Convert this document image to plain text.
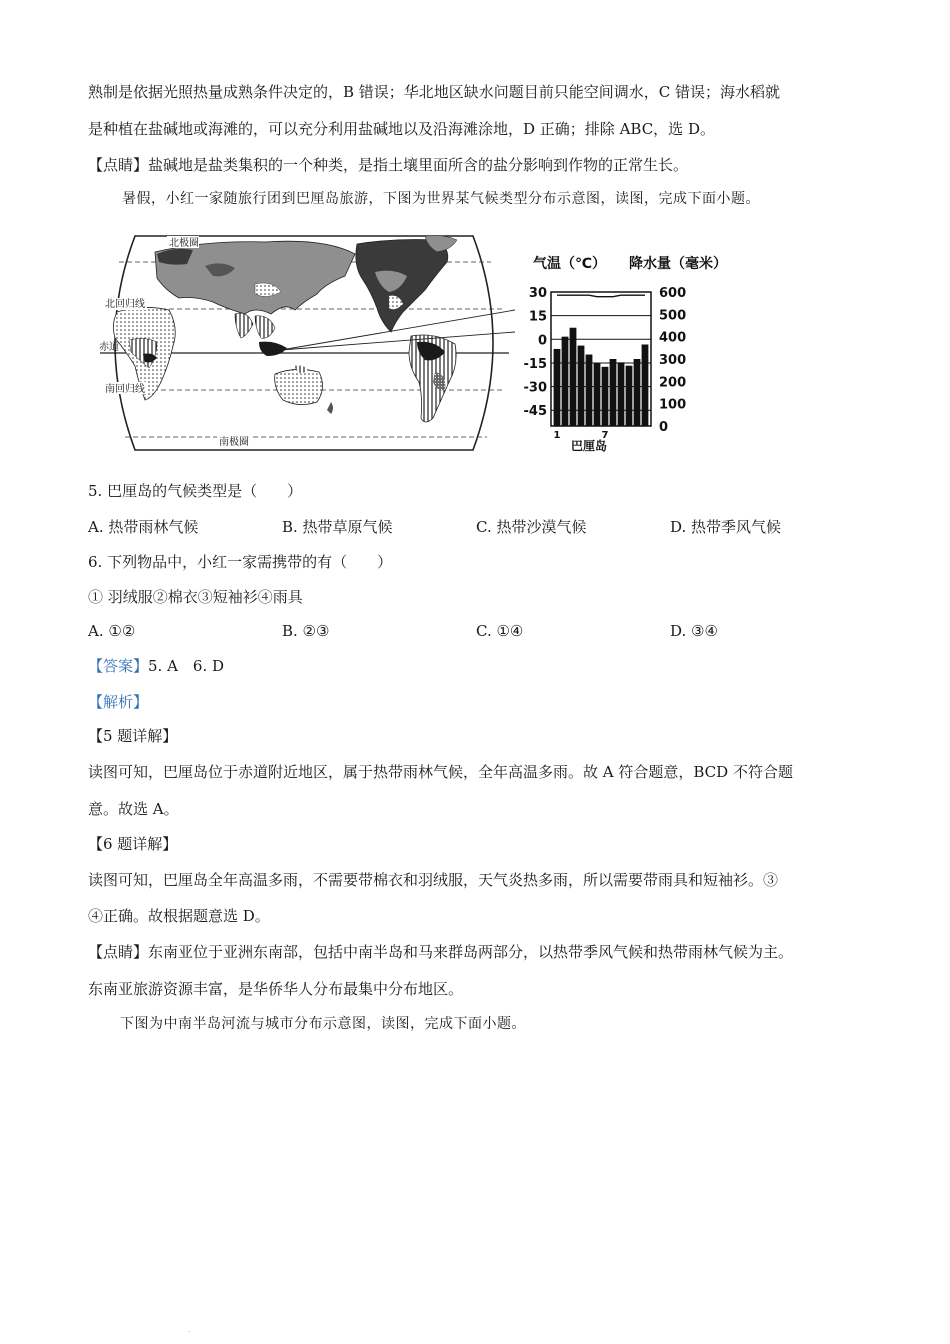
熟制是依据光照热量成熟条件决定的，B 错误；华北地区缺水问题目前只能空间调水，C 错误；海水稻就
是种植在盐碱地或海滩的，可以充分利用盐碱地以及沿海滩涂地，D 正确；排除 ABC，选 D。
【点睛】盐碱地是盐类集积的一个种类，是指土壤里面所含的盐分影响到作物的正常生长。
暑假，小红一家随旅行团到巴厘岛旅游，下图为世界某气候类型分布示意图，读图，完成下面小题。
北极圈
北回归线
赤道
南回归线
南极圈
气温（℃） 降水量（毫米）
30
15
0
-15
-30
-45
600
500
400
300
200
100
0
1	7
巴厘岛
5. 巴厘岛的气候类型是（　　）
A. 热带雨林气候	B. 热带草原气候	C. 热带沙漠气候	D. 热带季风气候
6. 下列物品中，小红一家需携带的有（　　）
① 羽绒服②棉衣③短袖衫④雨具
A. ①②	B. ②③	C. ①④	D. ③④
【答案】5. A　6. D
【解析】
【5 题详解】
读图可知，巴厘岛位于赤道附近地区，属于热带雨林气候，全年高温多雨。故 A 符合题意，BCD 不符合题
意。故选 A。
【6 题详解】
读图可知，巴厘岛全年高温多雨，不需要带棉衣和羽绒服，天气炎热多雨，所以需要带雨具和短袖衫。③
④正确。故根据题意选 D。
【点睛】东南亚位于亚洲东南部，包括中南半岛和马来群岛两部分，以热带季风气候和热带雨林气候为主。
东南亚旅游资源丰富，是华侨华人分布最集中分布地区。
下图为中南半岛河流与城市分布示意图，读图，完成下面小题。
.
